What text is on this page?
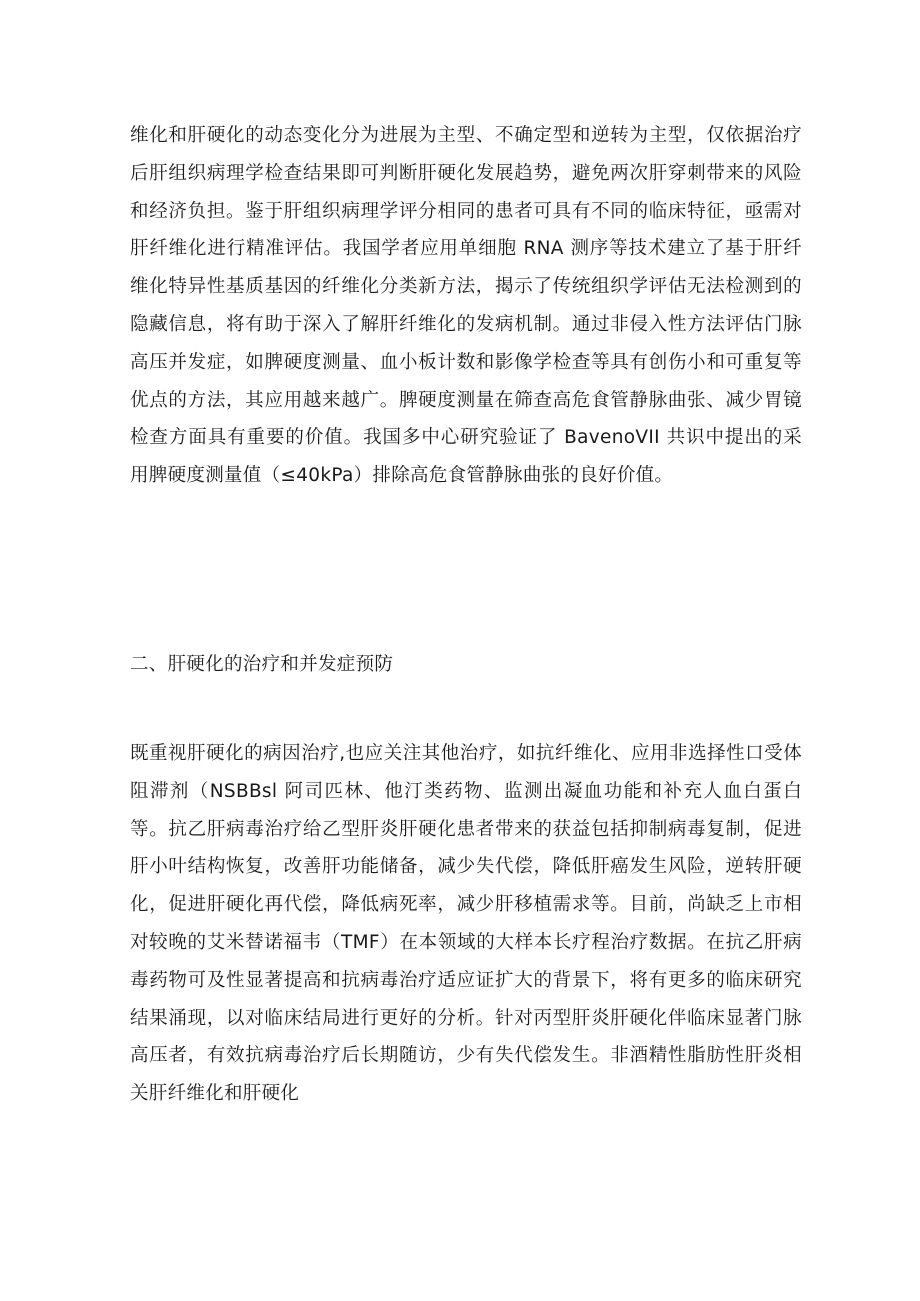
维化和肝硬化的动态变化分为进展为主型、不确定型和逆转为主型，仅依据治疗后肝组织病理学检查结果即可判断肝硬化发展趋势，避免两次肝穿刺带来的风险和经济负担。鉴于肝组织病理学评分相同的患者可具有不同的临床特征，亟需对肝纤维化进行精准评估。我国学者应用单细胞 RNA 测序等技术建立了基于肝纤维化特异性基质基因的纤维化分类新方法，揭示了传统组织学评估无法检测到的隐藏信息，将有助于深入了解肝纤维化的发病机制。通过非侵入性方法评估门脉高压并发症，如脾硬度测量、血小板计数和影像学检查等具有创伤小和可重复等优点的方法，其应用越来越广。脾硬度测量在筛查高危食管静脉曲张、减少胃镜检查方面具有重要的价值。我国多中心研究验证了 BavenoVII 共识中提出的采用脾硬度测量值（≤40kPa）排除高危食管静脉曲张的良好价值。

二、肝硬化的治疗和并发症预防

既重视肝硬化的病因治疗,也应关注其他治疗，如抗纤维化、应用非选择性口受体阻滞剂（NSBBsl 阿司匹林、他汀类药物、监测出凝血功能和补充人血白蛋白等。抗乙肝病毒治疗给乙型肝炎肝硬化患者带来的获益包括抑制病毒复制，促进肝小叶结构恢复，改善肝功能储备，减少失代偿，降低肝癌发生风险，逆转肝硬化，促进肝硬化再代偿，降低病死率，减少肝移植需求等。目前，尚缺乏上市相对较晚的艾米替诺福韦（TMF）在本领域的大样本长疗程治疗数据。在抗乙肝病毒药物可及性显著提高和抗病毒治疗适应证扩大的背景下，将有更多的临床研究结果涌现，以对临床结局进行更好的分析。针对丙型肝炎肝硬化伴临床显著门脉高压者，有效抗病毒治疗后长期随访，少有失代偿发生。非酒精性脂肪性肝炎相关肝纤维化和肝硬化
